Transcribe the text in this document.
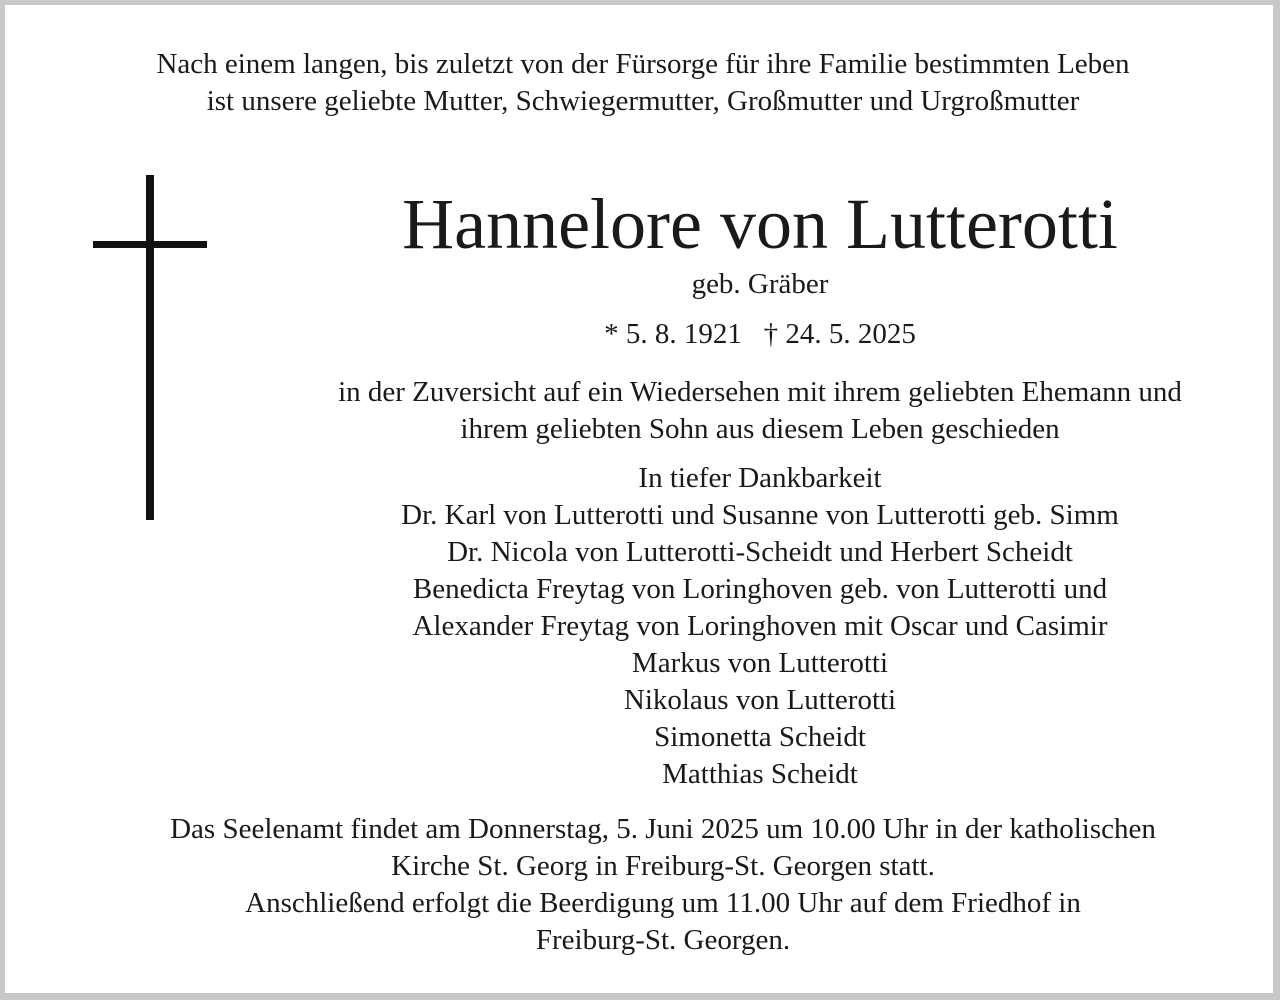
Nach einem langen, bis zuletzt von der Fürsorge für ihre Familie bestimmten Leben
ist unsere geliebte Mutter, Schwiegermutter, Großmutter und Urgroßmutter
Hannelore von Lutterotti
geb. Gräber
* 5. 8. 1921   † 24. 5. 2025
in der Zuversicht auf ein Wiedersehen mit ihrem geliebten Ehemann und
ihrem geliebten Sohn aus diesem Leben geschieden
In tiefer Dankbarkeit
Dr. Karl von Lutterotti und Susanne von Lutterotti geb. Simm
Dr. Nicola von Lutterotti-Scheidt und Herbert Scheidt
Benedicta Freytag von Loringhoven geb. von Lutterotti und
Alexander Freytag von Loringhoven mit Oscar und Casimir
Markus von Lutterotti
Nikolaus von Lutterotti
Simonetta Scheidt
Matthias Scheidt
Das Seelenamt findet am Donnerstag, 5. Juni 2025 um 10.00 Uhr in der katholischen
Kirche St. Georg in Freiburg-St. Georgen statt.
Anschließend erfolgt die Beerdigung um 11.00 Uhr auf dem Friedhof in
Freiburg-St. Georgen.
